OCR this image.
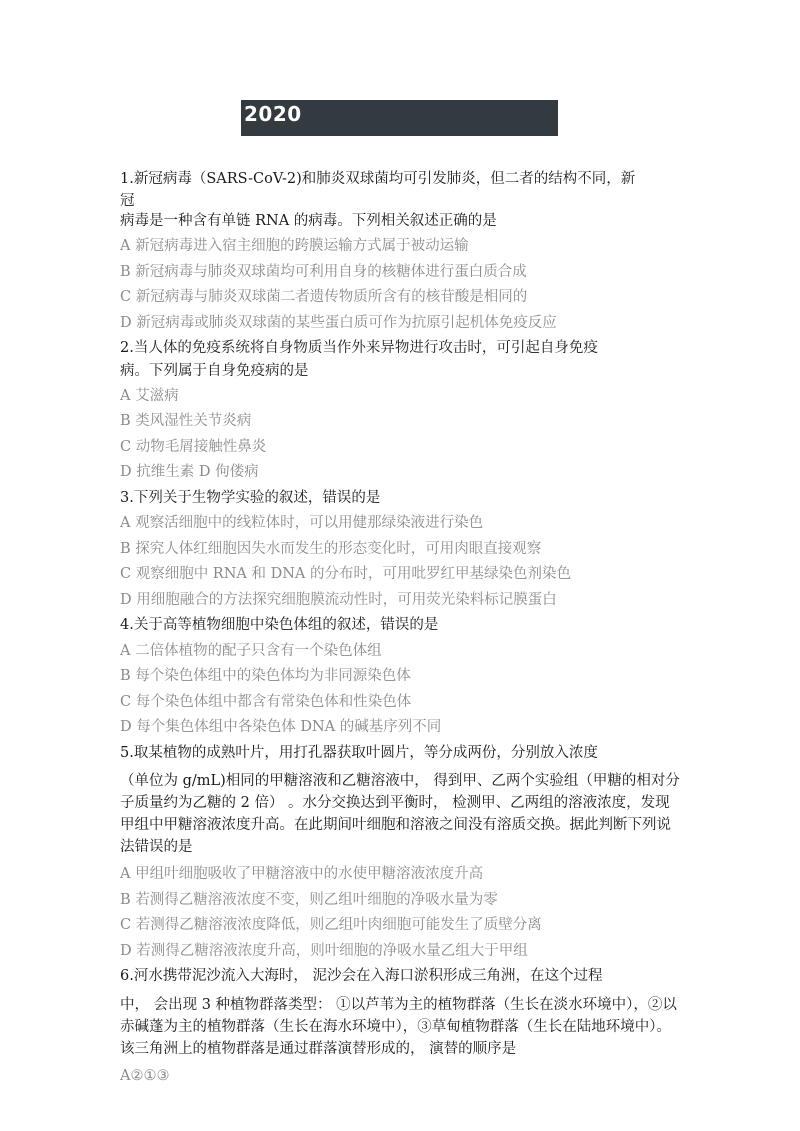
2020
1.新冠病毒（SARS-CoV-2)和肺炎双球菌均可引发肺炎，但二者的结构不同，新
冠
病毒是一种含有单链 RNA 的病毒。下列相关叙述正确的是
A 新冠病毒进入宿主细胞的跨膜运输方式属于被动运输
B 新冠病毒与肺炎双球菌均可利用自身的核糖体进行蛋白质合成
C 新冠病毒与肺炎双球菌二者遗传物质所含有的核苷酸是相同的
D 新冠病毒或肺炎双球菌的某些蛋白质可作为抗原引起机体免疫反应
2.当人体的免疫系统将自身物质当作外来异物进行攻击时，可引起自身免疫
病。下列属于自身免疫病的是
A 艾滋病
B 类风湿性关节炎病
C 动物毛屑接触性鼻炎
D 抗维生素 D 佝偻病
3.下列关于生物学实验的叙述，错误的是
A 观察活细胞中的线粒体时，可以用健那绿染液进行染色
B 探究人体红细胞因失水而发生的形态变化时，可用肉眼直接观察
C 观察细胞中 RNA 和 DNA 的分布时，可用吡罗红甲基绿染色剂染色
D 用细胞融合的方法探究细胞膜流动性时，可用荧光染料标记膜蛋白
4.关于高等植物细胞中染色体组的叙述，错误的是
A 二倍体植物的配子只含有一个染色体组
B 每个染色体组中的染色体均为非同源染色体
C 每个染色体组中都含有常染色体和性染色体
D 每个集色体组中各染色体 DNA 的碱基序列不同
5.取某植物的成熟叶片，用打孔器获取叶圆片，等分成两份，分别放入浓度
（单位为 g/mL)相同的甲糖溶液和乙糖溶液中， 得到甲、乙两个实验组（甲糖的相对分子质量约为乙糖的 2 倍） 。水分交换达到平衡时， 检测甲、乙两组的溶液浓度，发现甲组中甲糖溶液浓度升高。在此期间叶细胞和溶液之间没有溶质交换。据此判断下列说法错误的是
A 甲组叶细胞吸收了甲糖溶液中的水使甲糖溶液浓度升高
B 若测得乙糖溶液浓度不变，则乙组叶细胞的净吸水量为零
C 若测得乙糖溶液浓度降低，则乙组叶肉细胞可能发生了质壁分离
D 若测得乙糖溶液浓度升高，则叶细胞的净吸水量乙组大于甲组
6.河水携带泥沙流入大海时， 泥沙会在入海口淤积形成三角洲，在这个过程
中， 会出现 3 种植物群落类型： ①以芦苇为主的植物群落（生长在淡水环境中），②以赤碱蓬为主的植物群落（生长在海水环境中），③草甸植物群落（生长在陆地环境中）。该三角洲上的植物群落是通过群落演替形成的， 演替的顺序是
A②①③
